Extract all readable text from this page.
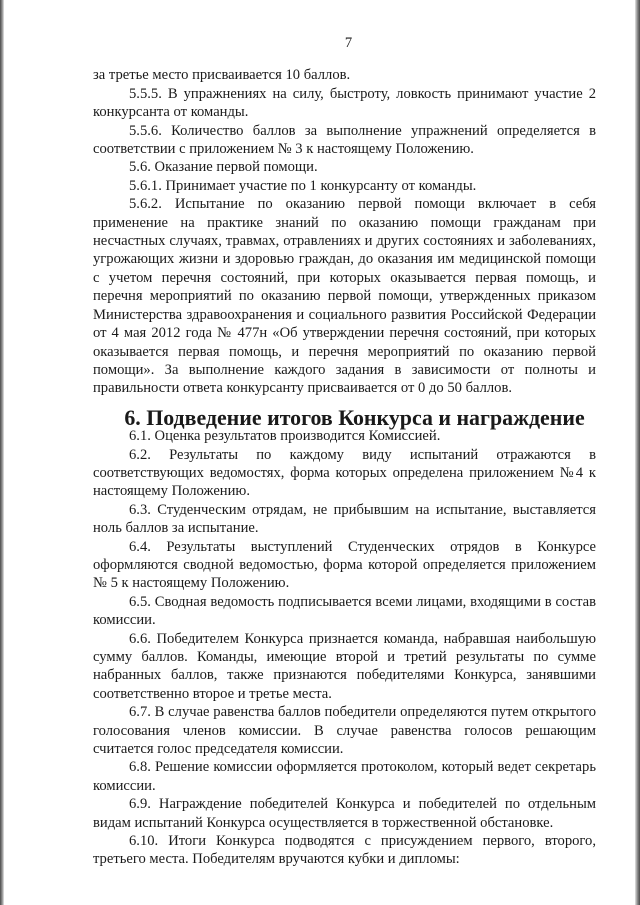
7

за третье место присваивается 10 баллов.

5.5.5. В упражнениях на силу, быстроту, ловкость принимают участие 2 конкурсанта от команды.

5.5.6. Количество баллов за выполнение упражнений определяется в соответствии с приложением № 3 к настоящему Положению.

5.6. Оказание первой помощи.

5.6.1. Принимает участие по 1 конкурсанту от команды.

5.6.2. Испытание по оказанию первой помощи включает в себя применение на практике знаний по оказанию помощи гражданам при несчастных случаях, травмах, отравлениях и других состояниях и заболеваниях, угрожающих жизни и здоровью граждан, до оказания им медицинской помощи с учетом перечня состояний, при которых оказывается первая помощь, и перечня мероприятий по оказанию первой помощи, утвержденных приказом Министерства здравоохранения и социального развития Российской Федерации от 4 мая 2012 года № 477н «Об утверждении перечня состояний, при которых оказывается первая помощь, и перечня мероприятий по оказанию первой помощи». За выполнение каждого задания в зависимости от полноты и правильности ответа конкурсанту присваивается от 0 до 50 баллов.

6. Подведение итогов Конкурса и награждение

6.1. Оценка результатов производится Комиссией.

6.2. Результаты по каждому виду испытаний отражаются в соответствующих ведомостях, форма которых определена приложением №4 к настоящему Положению.

6.3. Студенческим отрядам, не прибывшим на испытание, выставляется ноль баллов за испытание.

6.4. Результаты выступлений Студенческих отрядов в Конкурсе оформляются сводной ведомостью, форма которой определяется приложением № 5 к настоящему Положению.

6.5. Сводная ведомость подписывается всеми лицами, входящими в состав комиссии.

6.6. Победителем Конкурса признается команда, набравшая наибольшую сумму баллов. Команды, имеющие второй и третий результаты по сумме набранных баллов, также признаются победителями Конкурса, занявшими соответственно второе и третье места.

6.7. В случае равенства баллов победители определяются путем открытого голосования членов комиссии. В случае равенства голосов решающим считается голос председателя комиссии.

6.8. Решение комиссии оформляется протоколом, который ведет секретарь комиссии.

6.9. Награждение победителей Конкурса и победителей по отдельным видам испытаний Конкурса осуществляется в торжественной обстановке.

6.10. Итоги Конкурса подводятся с присуждением первого, второго, третьего места. Победителям вручаются кубки и дипломы:
